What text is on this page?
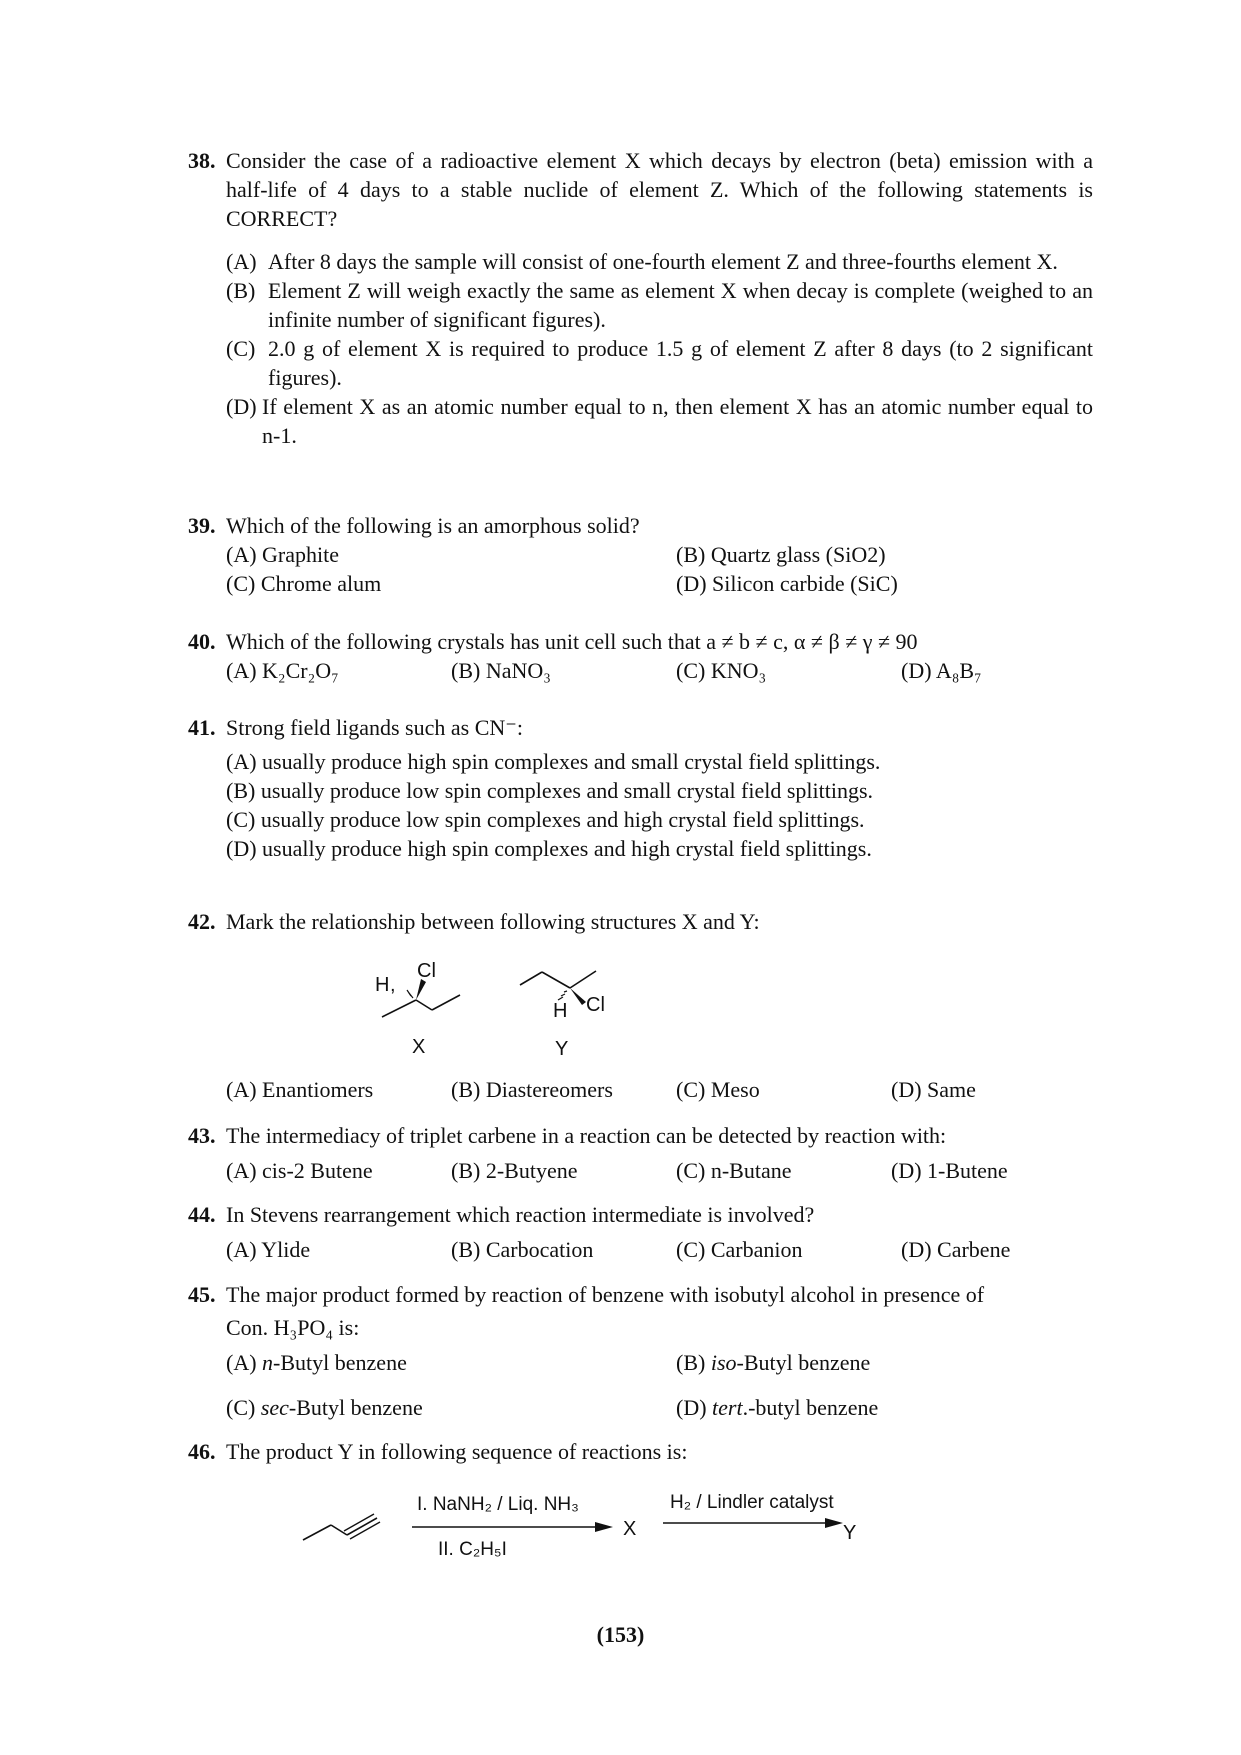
38. Consider the case of a radioactive element X which decays by electron (beta) emission with a half-life of 4 days to a stable nuclide of element Z. Which of the following statements is CORRECT?
(A) After 8 days the sample will consist of one-fourth element Z and three-fourths element X.
(B) Element Z will weigh exactly the same as element X when decay is complete (weighed to an infinite number of significant figures).
(C) 2.0 g of element X is required to produce 1.5 g of element Z after 8 days (to 2 significant figures).
(D) If element X as an atomic number equal to n, then element X has an atomic number equal to n-1.
39. Which of the following is an amorphous solid?
(A) Graphite	(B) Quartz glass (SiO2)
(C) Chrome alum	(D) Silicon carbide (SiC)
40. Which of the following crystals has unit cell such that a ≠ b ≠ c, α ≠ β ≠ γ ≠ 90
(A) K₂Cr₂O₇	(B) NaNO₃	(C) KNO₃	(D) A₈B₇
41. Strong field ligands such as CN⁻:
(A) usually produce high spin complexes and small crystal field splittings.
(B) usually produce low spin complexes and small crystal field splittings.
(C) usually produce low spin complexes and high crystal field splittings.
(D) usually produce high spin complexes and high crystal field splittings.
42. Mark the relationship between following structures X and Y:
H ,
Cl
X
H Cl
Y
(A) Enantiomers	(B) Diastereomers	(C) Meso	(D) Same
43. The intermediacy of triplet carbene in a reaction can be detected by reaction with:
(A) cis-2 Butene	(B) 2-Butyene	(C) n-Butane	(D) 1-Butene
44. In Stevens rearrangement which reaction intermediate is involved?
(A) Ylide	(B) Carbocation	(C) Carbanion	(D) Carbene
45. The major product formed by reaction of benzene with isobutyl alcohol in presence of
Con. H₃PO₄ is:
(A) n-Butyl benzene	(B) iso-Butyl benzene
(C) sec-Butyl benzene	(D) tert.-butyl benzene
46. The product Y in following sequence of reactions is:
I. NaNH₂ / Liq. NH₃
II. C₂H₅I
X
H₂ / Lindler catalyst
Y
(153)
